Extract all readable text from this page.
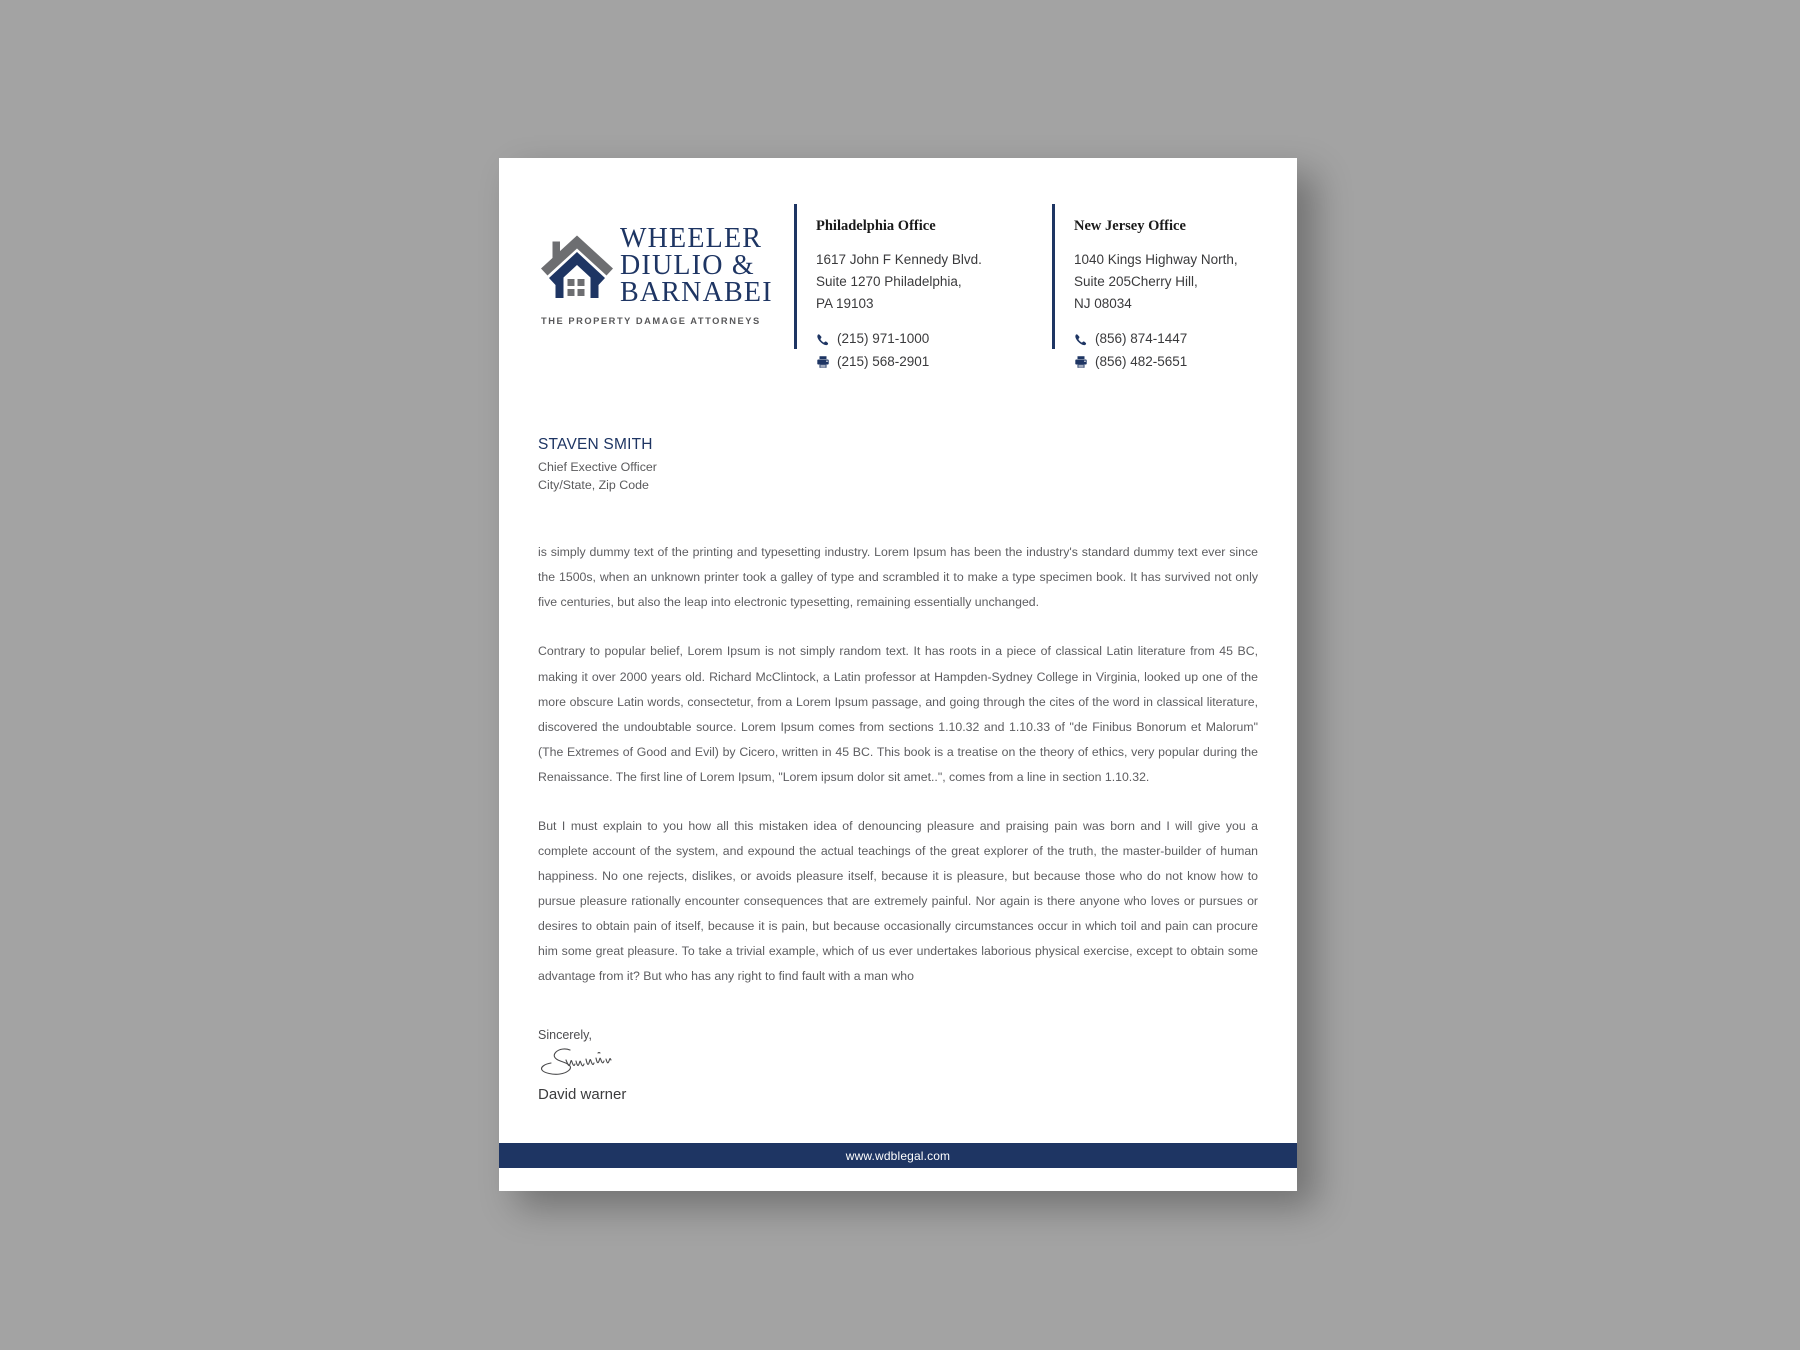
WHEELER
DIULIO &
BARNABEI
THE PROPERTY DAMAGE ATTORNEYS
Philadelphia Office
1617 John F Kennedy Blvd.
Suite 1270 Philadelphia,
PA 19103
(215) 971-1000
(215) 568-2901
New Jersey Office
1040 Kings Highway North,
Suite 205Cherry Hill,
NJ 08034
(856) 874-1447
(856) 482-5651
STAVEN SMITH
Chief Exective Officer
City/State, Zip Code

is simply dummy text of the printing and typesetting industry. Lorem Ipsum has been the industry's standard dummy text ever since the 1500s, when an unknown printer took a galley of type and scrambled it to make a type specimen book. It has survived not only five centuries, but also the leap into electronic typesetting, remaining essentially unchanged.

Contrary to popular belief, Lorem Ipsum is not simply random text. It has roots in a piece of classical Latin literature from 45 BC, making it over 2000 years old. Richard McClintock, a Latin professor at Hampden-Sydney College in Virginia, looked up one of the more obscure Latin words, consectetur, from a Lorem Ipsum passage, and going through the cites of the word in classical literature, discovered the undoubtable source. Lorem Ipsum comes from sections 1.10.32 and 1.10.33 of "de Finibus Bonorum et Malorum" (The Extremes of Good and Evil) by Cicero, written in 45 BC. This book is a treatise on the theory of ethics, very popular during the Renaissance. The first line of Lorem Ipsum, "Lorem ipsum dolor sit amet..", comes from a line in section 1.10.32.

But I must explain to you how all this mistaken idea of denouncing pleasure and praising pain was born and I will give you a complete account of the system, and expound the actual teachings of the great explorer of the truth, the master-builder of human happiness. No one rejects, dislikes, or avoids pleasure itself, because it is pleasure, but because those who do not know how to pursue pleasure rationally encounter consequences that are extremely painful. Nor again is there anyone who loves or pursues or desires to obtain pain of itself, because it is pain, but because occasionally circumstances occur in which toil and pain can procure him some great pleasure. To take a trivial example, which of us ever undertakes laborious physical exercise, except to obtain some advantage from it? But who has any right to find fault with a man who

Sincerely,
David warner
www.wdblegal.com
